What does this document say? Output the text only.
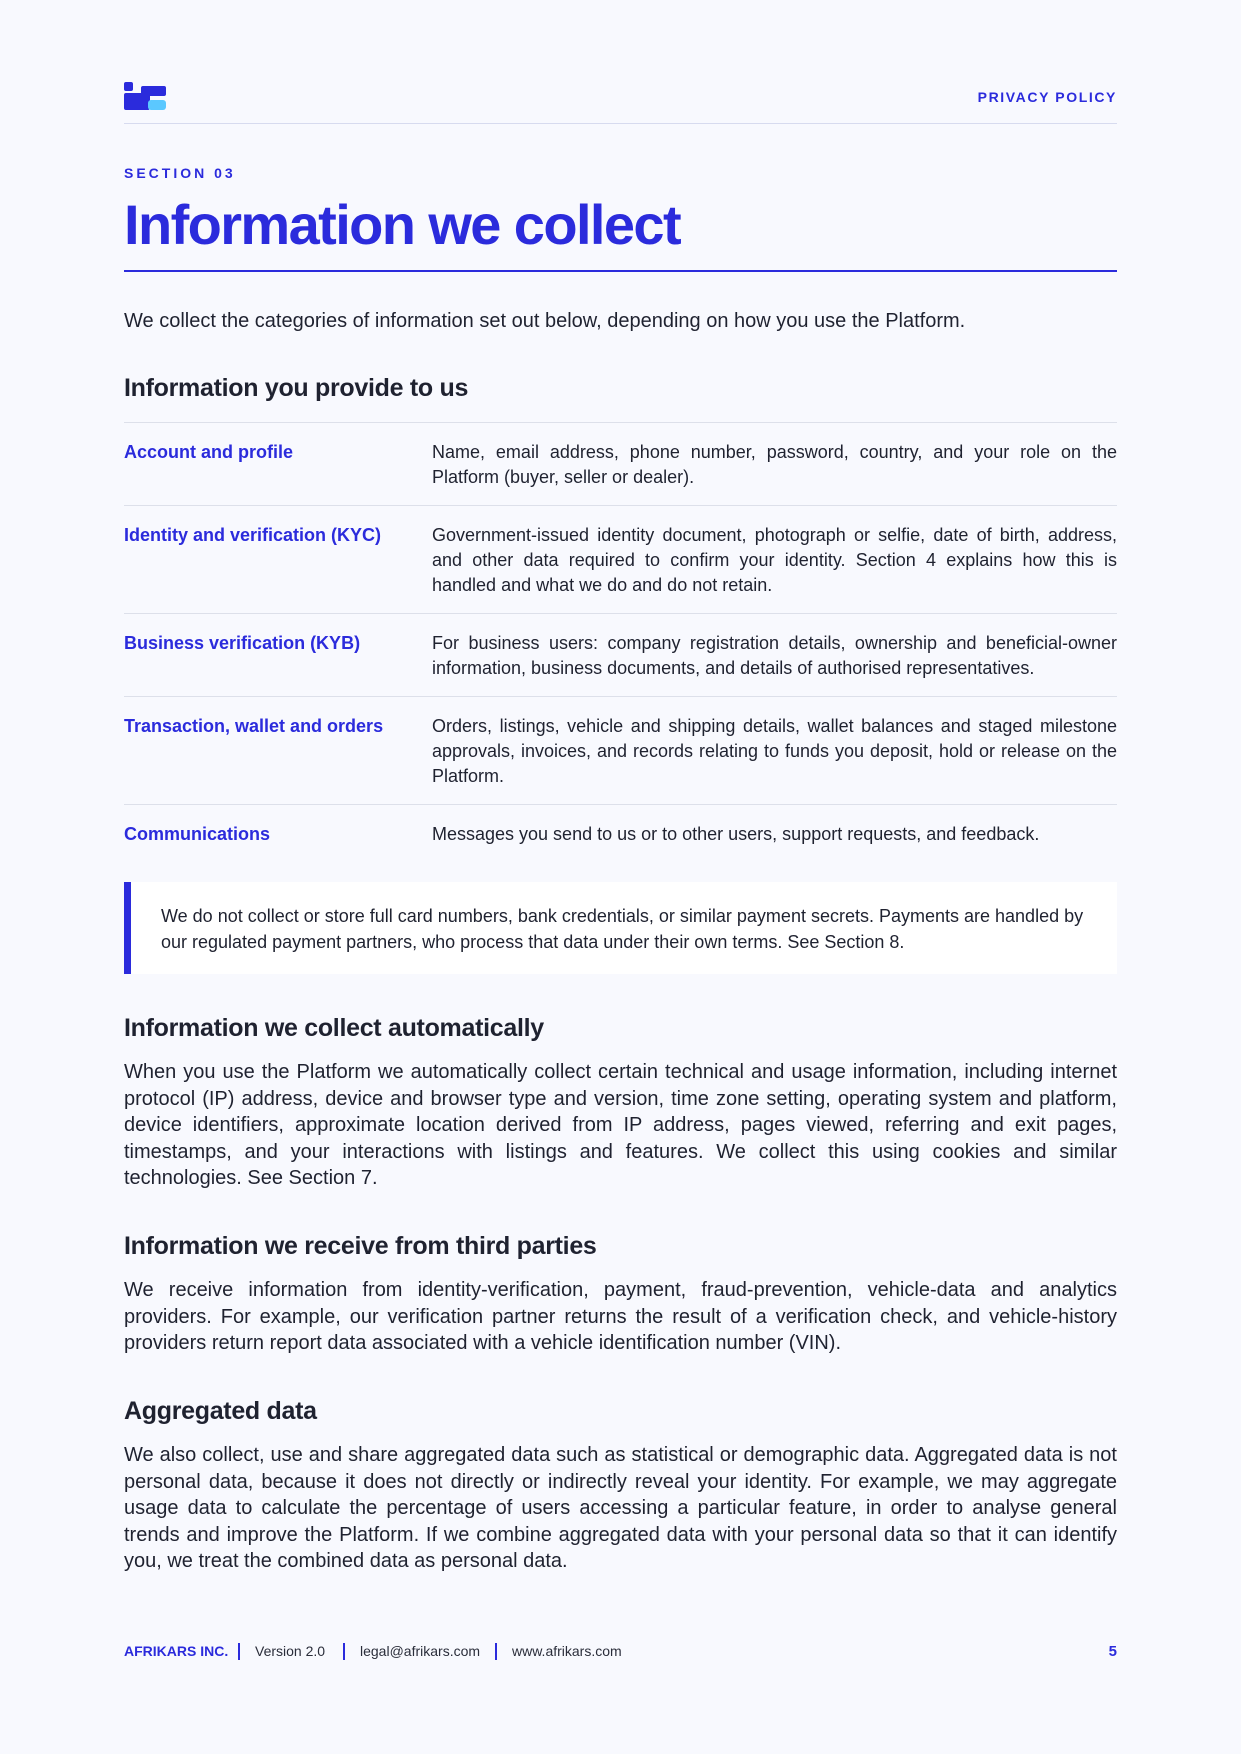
PRIVACY POLICY
SECTION 03
Information we collect
We collect the categories of information set out below, depending on how you use the Platform.
Information you provide to us
Account and profile	Name, email address, phone number, password, country, and your role on the Platform (buyer, seller or dealer).
Identity and verification (KYC)	Government-issued identity document, photograph or selfie, date of birth, address, and other data required to confirm your identity. Section 4 explains how this is handled and what we do and do not retain.
Business verification (KYB)	For business users: company registration details, ownership and beneficial-owner information, business documents, and details of authorised representatives.
Transaction, wallet and orders	Orders, listings, vehicle and shipping details, wallet balances and staged milestone approvals, invoices, and records relating to funds you deposit, hold or release on the Platform.
Communications	Messages you send to us or to other users, support requests, and feedback.
We do not collect or store full card numbers, bank credentials, or similar payment secrets. Payments are handled by our regulated payment partners, who process that data under their own terms. See Section 8.
Information we collect automatically

When you use the Platform we automatically collect certain technical and usage information, including internet protocol (IP) address, device and browser type and version, time zone setting, operating system and platform, device identifiers, approximate location derived from IP address, pages viewed, referring and exit pages, timestamps, and your interactions with listings and features. We collect this using cookies and similar technologies. See Section 7.

Information we receive from third parties

We receive information from identity-verification, payment, fraud-prevention, vehicle-data and analytics providers. For example, our verification partner returns the result of a verification check, and vehicle-history providers return report data associated with a vehicle identification number (VIN).

Aggregated data

We also collect, use and share aggregated data such as statistical or demographic data. Aggregated data is not personal data, because it does not directly or indirectly reveal your identity. For example, we may aggregate usage data to calculate the percentage of users accessing a particular feature, in order to analyse general trends and improve the Platform. If we combine aggregated data with your personal data so that it can identify you, we treat the combined data as personal data.

AFRIKARS INC. Version 2.0 legal@afrikars.com www.afrikars.com	5
